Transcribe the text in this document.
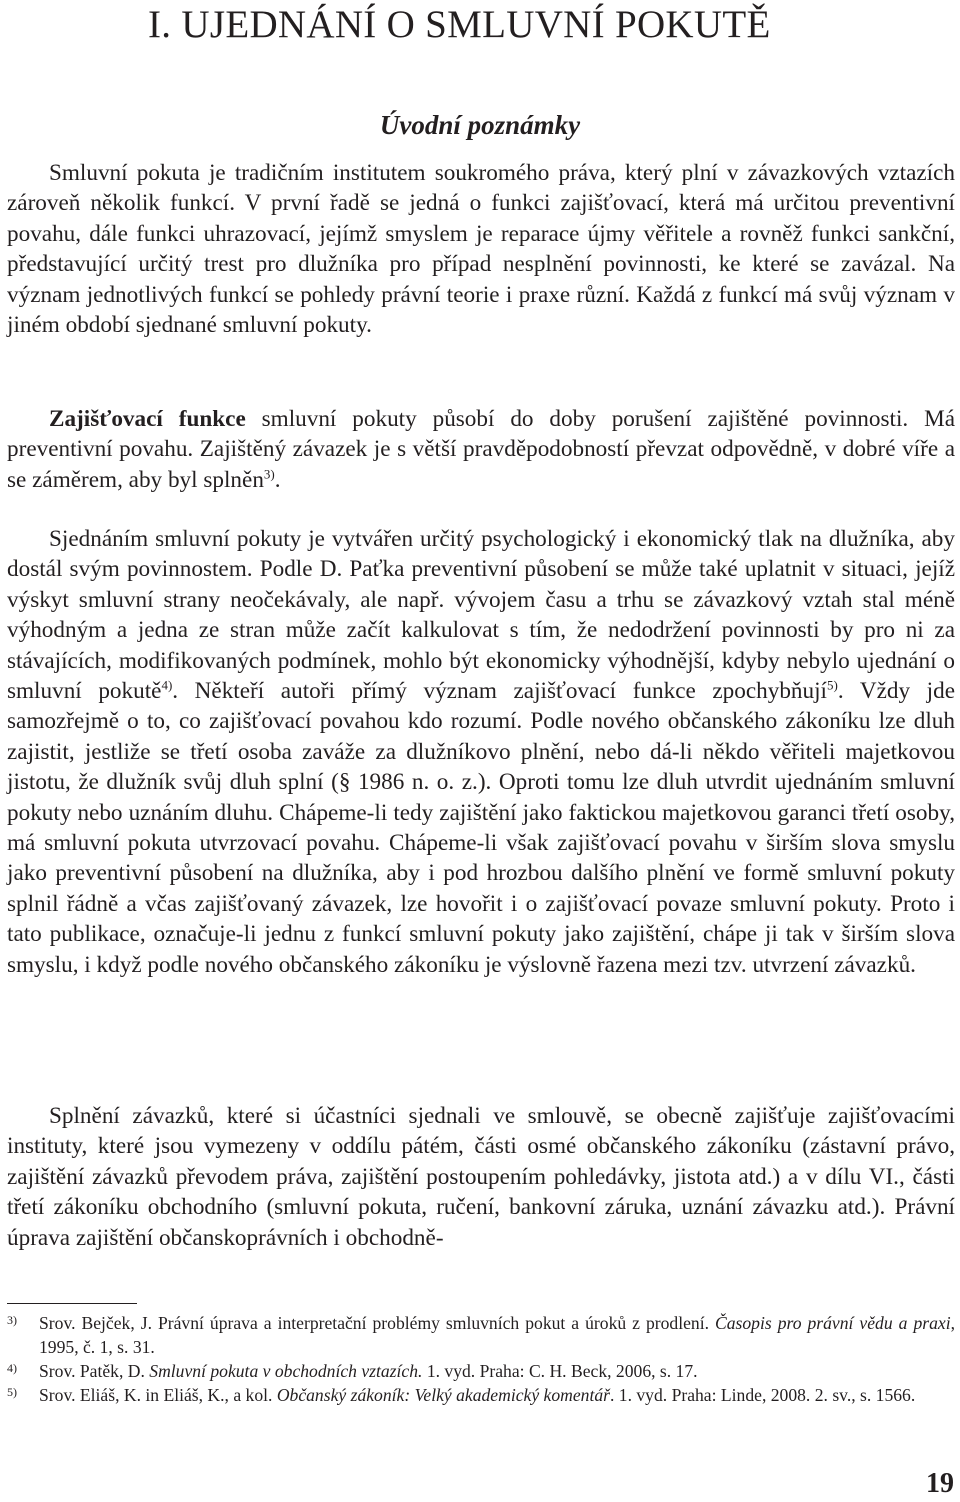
I. UJEDNÁNÍ O SMLUVNÍ POKUTĚ
Úvodní poznámky

Smluvní pokuta je tradičním institutem soukromého práva, který plní v závazkových vztazích zároveň několik funkcí. V první řadě se jedná o funkci zajišťovací, která má určitou preventivní povahu, dále funkci uhrazovací, jejímž smyslem je reparace újmy věřitele a rovněž funkci sankční, představující určitý trest pro dlužníka pro případ nesplnění povinnosti, ke které se zavázal. Na význam jednotlivých funkcí se pohledy právní teorie i praxe různí. Každá z funkcí má svůj význam v jiném období sjednané smluvní pokuty.

Zajišťovací funkce smluvní pokuty působí do doby porušení zajištěné povinnosti. Má preventivní povahu. Zajištěný závazek je s větší pravděpodobností převzat odpovědně, v dobré víře a se záměrem, aby byl splněn$^{3)}$.

Sjednáním smluvní pokuty je vytvářen určitý psychologický i ekonomický tlak na dlužníka, aby dostál svým povinnostem. Podle D. Paťka preventivní působení se může také uplatnit v situaci, jejíž výskyt smluvní strany neočekávaly, ale např. vývojem času a trhu se závazkový vztah stal méně výhodným a jedna ze stran může začít kalkulovat s tím, že nedodržení povinnosti by pro ni za stávajících, modifikovaných podmínek, mohlo být ekonomicky výhodnější, kdyby nebylo ujednání o smluvní pokutě$^{4)}$. Někteří autoři přímý význam zajišťovací funkce zpochybňují$^{5)}$. Vždy jde samozřejmě o to, co zajišťovací povahou kdo rozumí. Podle nového občanského zákoníku lze dluh zajistit, jestliže se třetí osoba zaváže za dlužníkovo plnění, nebo dá-li někdo věřiteli majetkovou jistotu, že dlužník svůj dluh splní (§ 1986 n. o. z.). Oproti tomu lze dluh utvrdit ujednáním smluvní pokuty nebo uznáním dluhu. Chápeme-li tedy zajištění jako faktickou majetkovou garanci třetí osoby, má smluvní pokuta utvrzovací povahu. Chápeme-li však zajišťovací povahu v širším slova smyslu jako preventivní působení na dlužníka, aby i pod hrozbou dalšího plnění ve formě smluvní pokuty splnil řádně a včas zajišťovaný závazek, lze hovořit i o zajišťovací povaze smluvní pokuty. Proto i tato publikace, označuje-li jednu z funkcí smluvní pokuty jako zajištění, chápe ji tak v širším slova smyslu, i když podle nového občanského zákoníku je výslovně řazena mezi tzv. utvrzení závazků.

Splnění závazků, které si účastníci sjednali ve smlouvě, se obecně zajišťuje zajišťovacími instituty, které jsou vymezeny v oddílu pátém, části osmé občanského zákoníku (zástavní právo, zajištění závazků převodem práva, zajištění postoupením pohledávky, jistota atd.) a v dílu VI., části třetí zákoníku obchodního (smluvní pokuta, ručení, bankovní záruka, uznání závazku atd.). Právní úprava zajištění občanskoprávních i obchodně-

3) Srov. Bejček, J. Právní úprava a interpretační problémy smluvních pokut a úroků z prodlení. Časopis pro právní vědu a praxi, 1995, č. 1, s. 31.
4) Srov. Patěk, D. Smluvní pokuta v obchodních vztazích. 1. vyd. Praha: C. H. Beck, 2006, s. 17.
5) Srov. Eliáš, K. in Eliáš, K., a kol. Občanský zákoník: Velký akademický komentář. 1. vyd. Praha: Linde, 2008. 2. sv., s. 1566.

19
